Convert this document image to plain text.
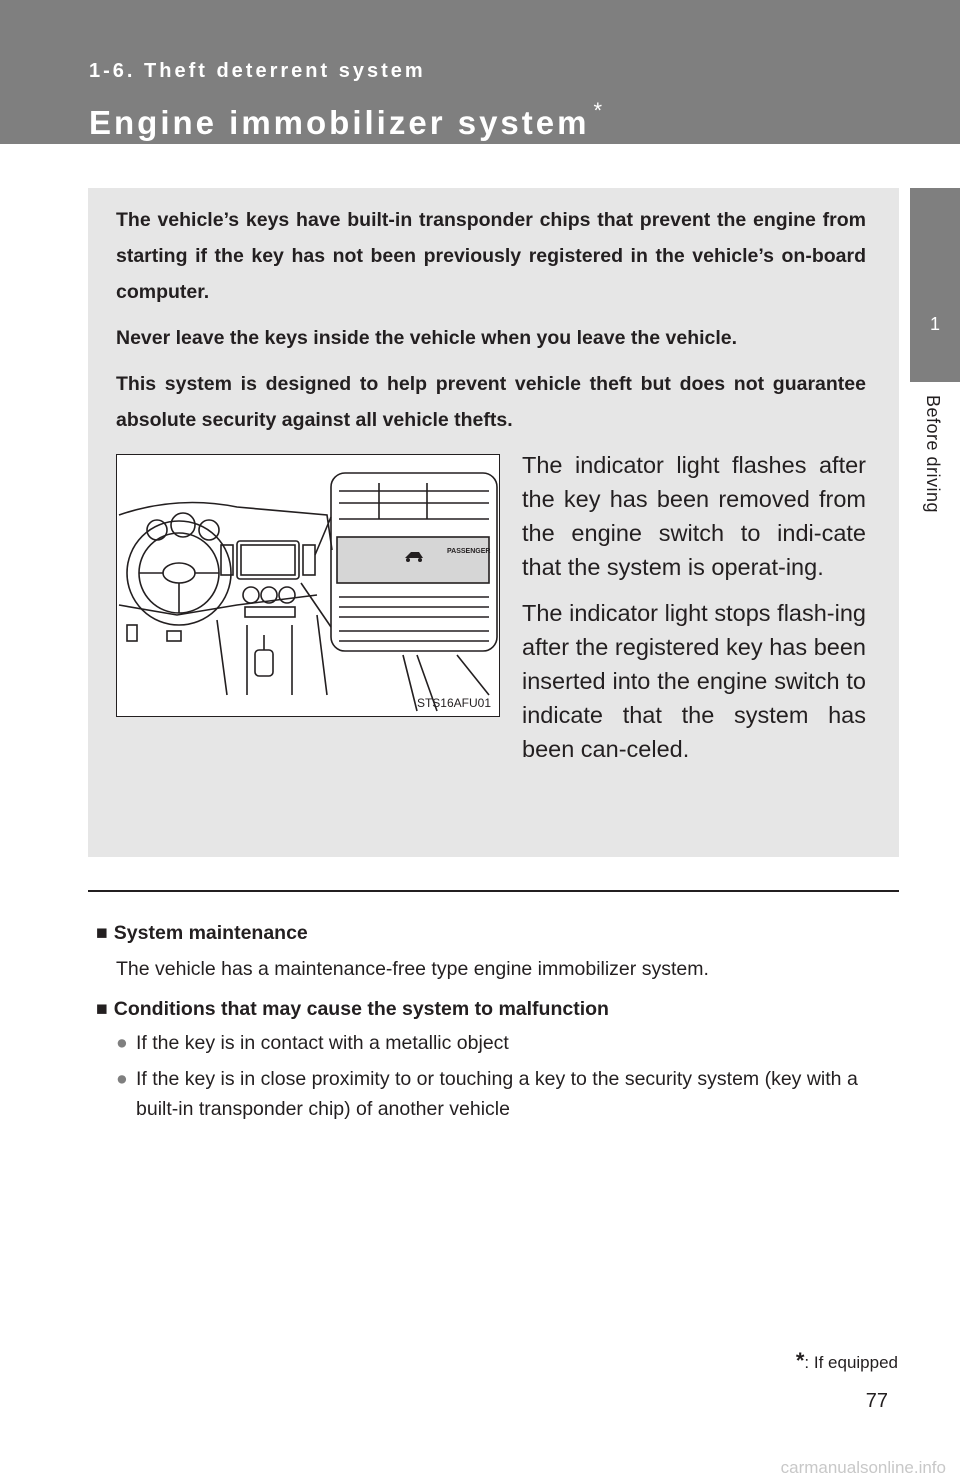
1-6. Theft deterrent system
Engine immobilizer system *
1
Before driving

The vehicle’s keys have built-in transponder chips that prevent the engine from starting if the key has not been previously registered in the vehicle’s on-board computer.

Never leave the keys inside the vehicle when you leave the vehicle.

This system is designed to help prevent vehicle theft but does not guarantee absolute security against all vehicle thefts.

PASSENGER
STS16AFU01

The indicator light flashes after the key has been removed from the engine switch to indi-cate that the system is operat-ing.

The indicator light stops flash-ing after the registered key has been inserted into the engine switch to indicate that the system has been can-celed.

■ System maintenance

The vehicle has a maintenance-free type engine immobilizer system.

■ Conditions that may cause the system to malfunction

● If the key is in contact with a metallic object
● If the key is in close proximity to or touching a key to the security system (key with a built-in transponder chip) of another vehicle
*: If equipped
77
carmanualsonline.info
